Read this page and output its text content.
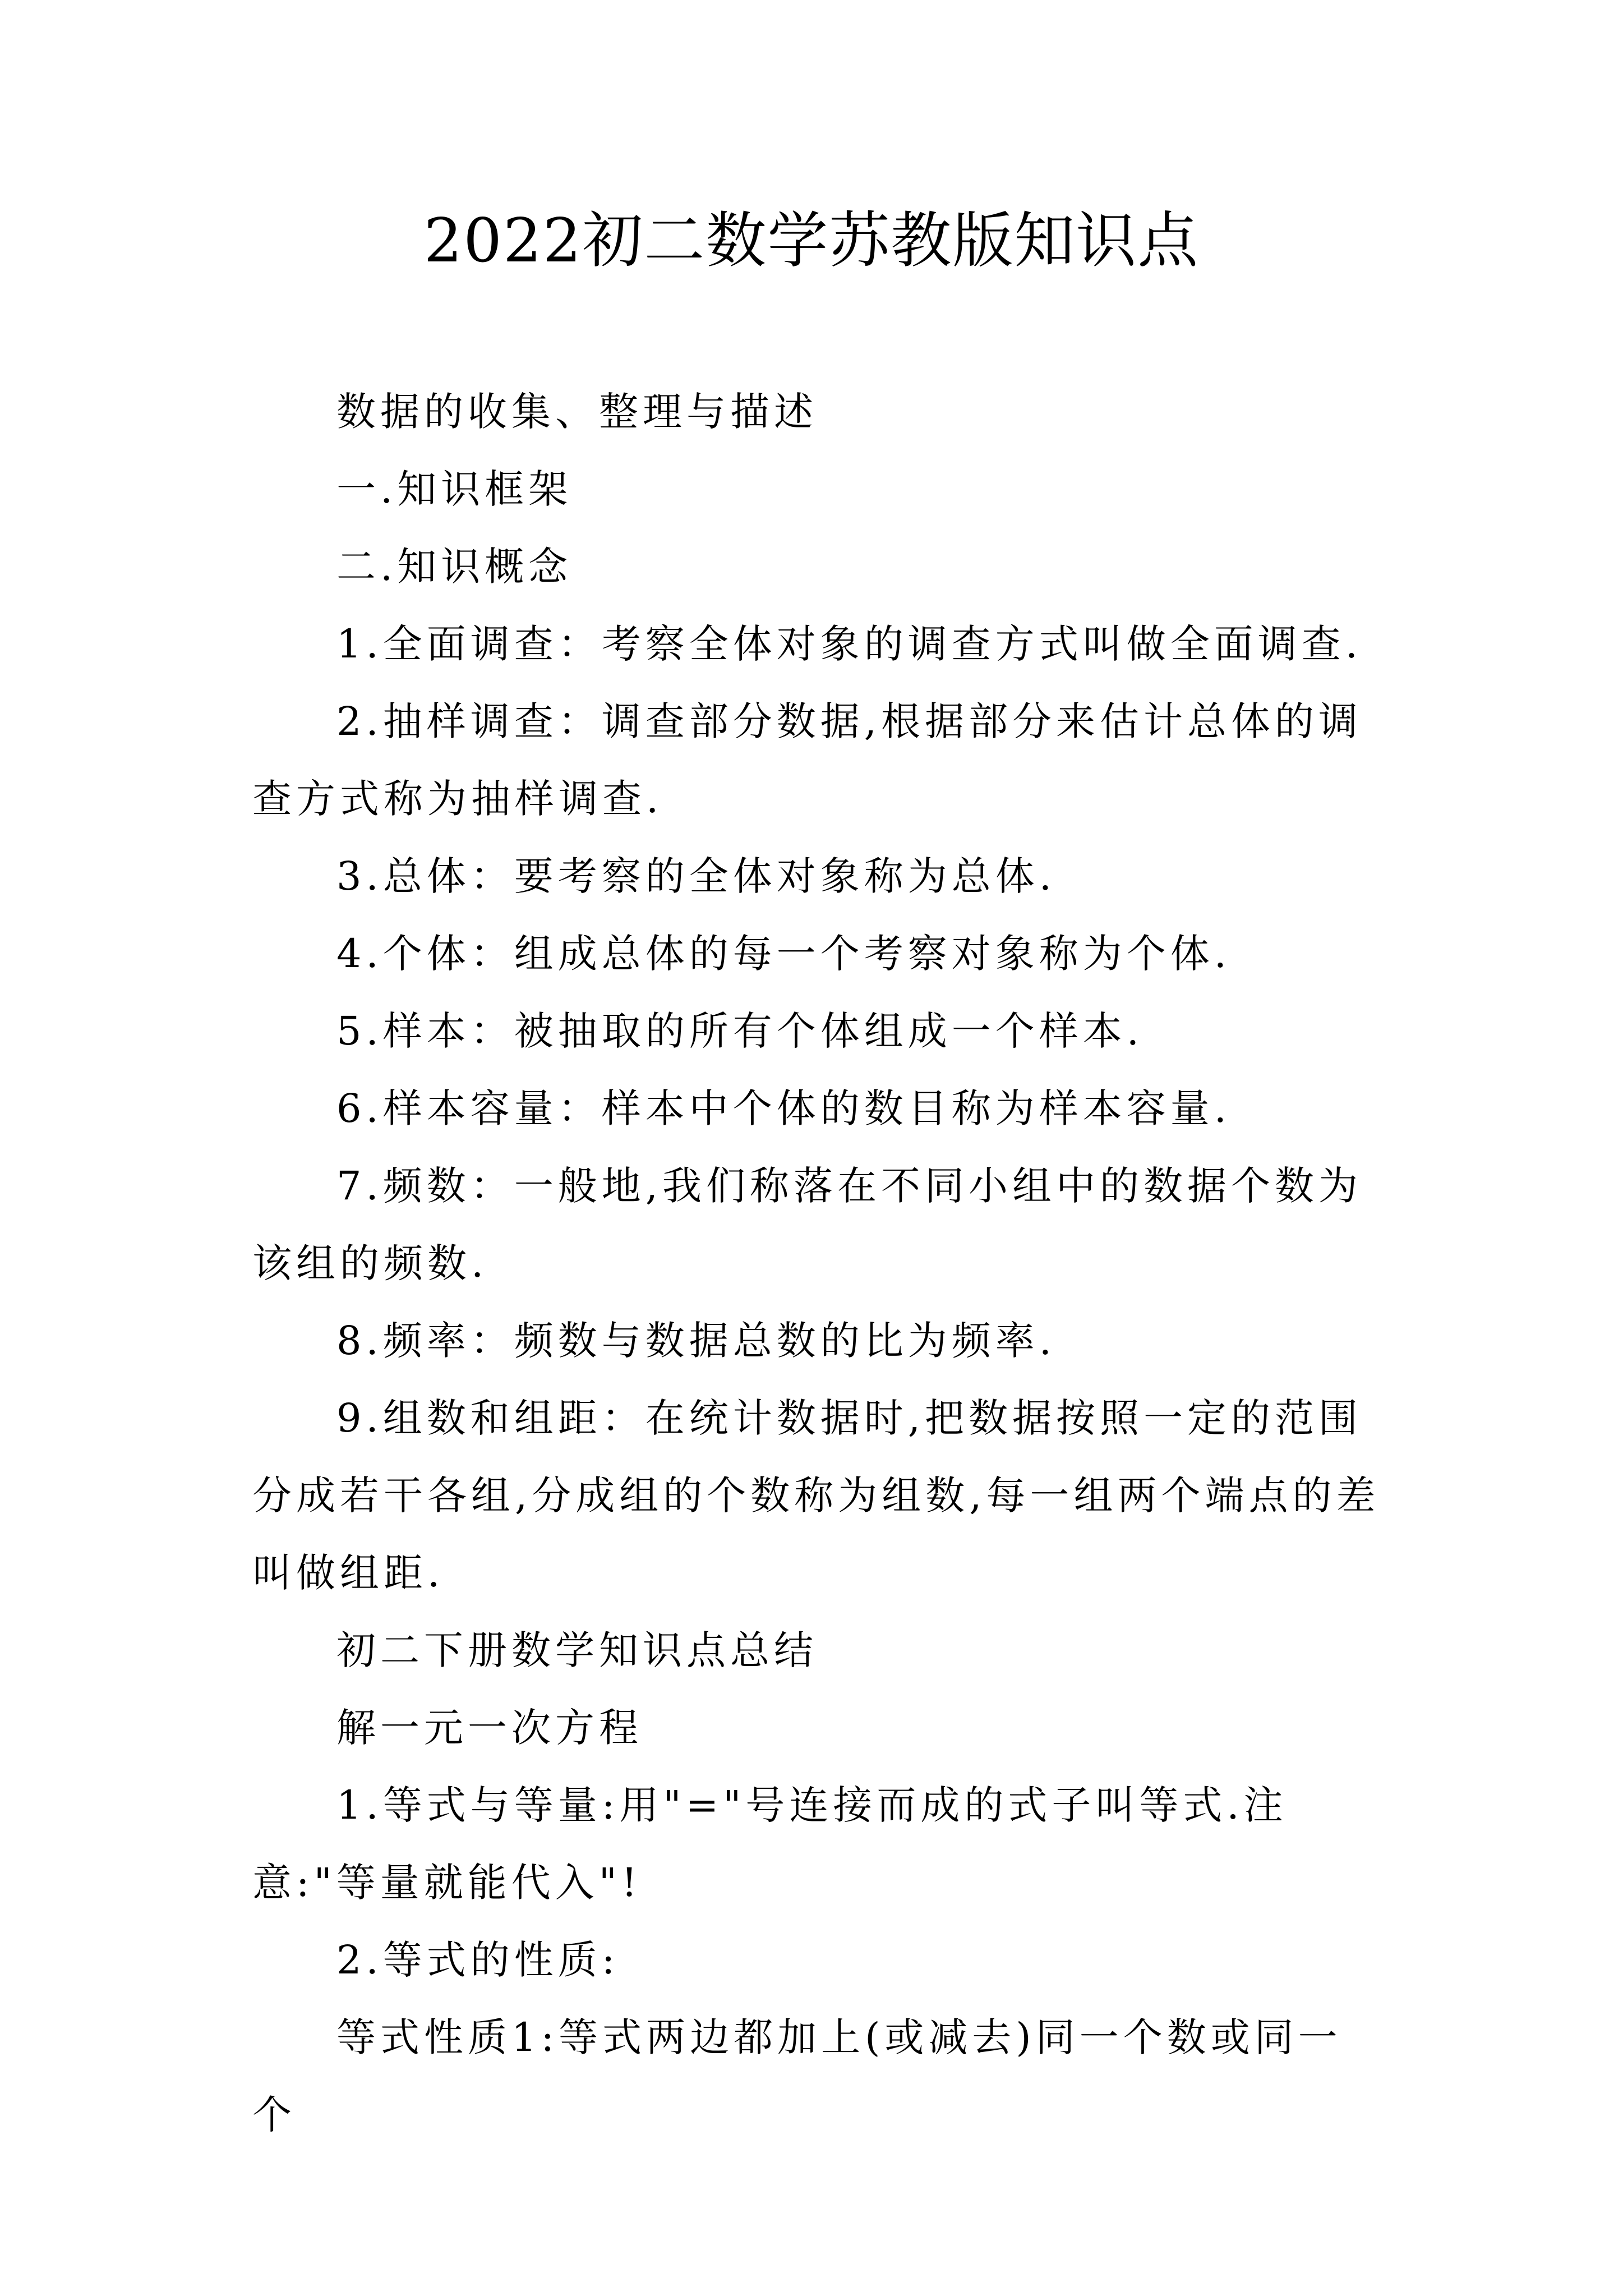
2022初二数学苏教版知识点

数据的收集、整理与描述

一.知识框架

二.知识概念

1.全面调查：考察全体对象的调查方式叫做全面调查.

2.抽样调查：调查部分数据,根据部分来估计总体的调查方式称为抽样调查.

3.总体：要考察的全体对象称为总体.

4.个体：组成总体的每一个考察对象称为个体.

5.样本：被抽取的所有个体组成一个样本.

6.样本容量：样本中个体的数目称为样本容量.

7.频数：一般地,我们称落在不同小组中的数据个数为该组的频数.

8.频率：频数与数据总数的比为频率.

9.组数和组距：在统计数据时,把数据按照一定的范围分成若干各组,分成组的个数称为组数,每一组两个端点的差叫做组距.

初二下册数学知识点总结

解一元一次方程

1.等式与等量:用"="号连接而成的式子叫等式.注意:"等量就能代入"!

2.等式的性质:

等式性质1:等式两边都加上(或减去)同一个数或同一个
